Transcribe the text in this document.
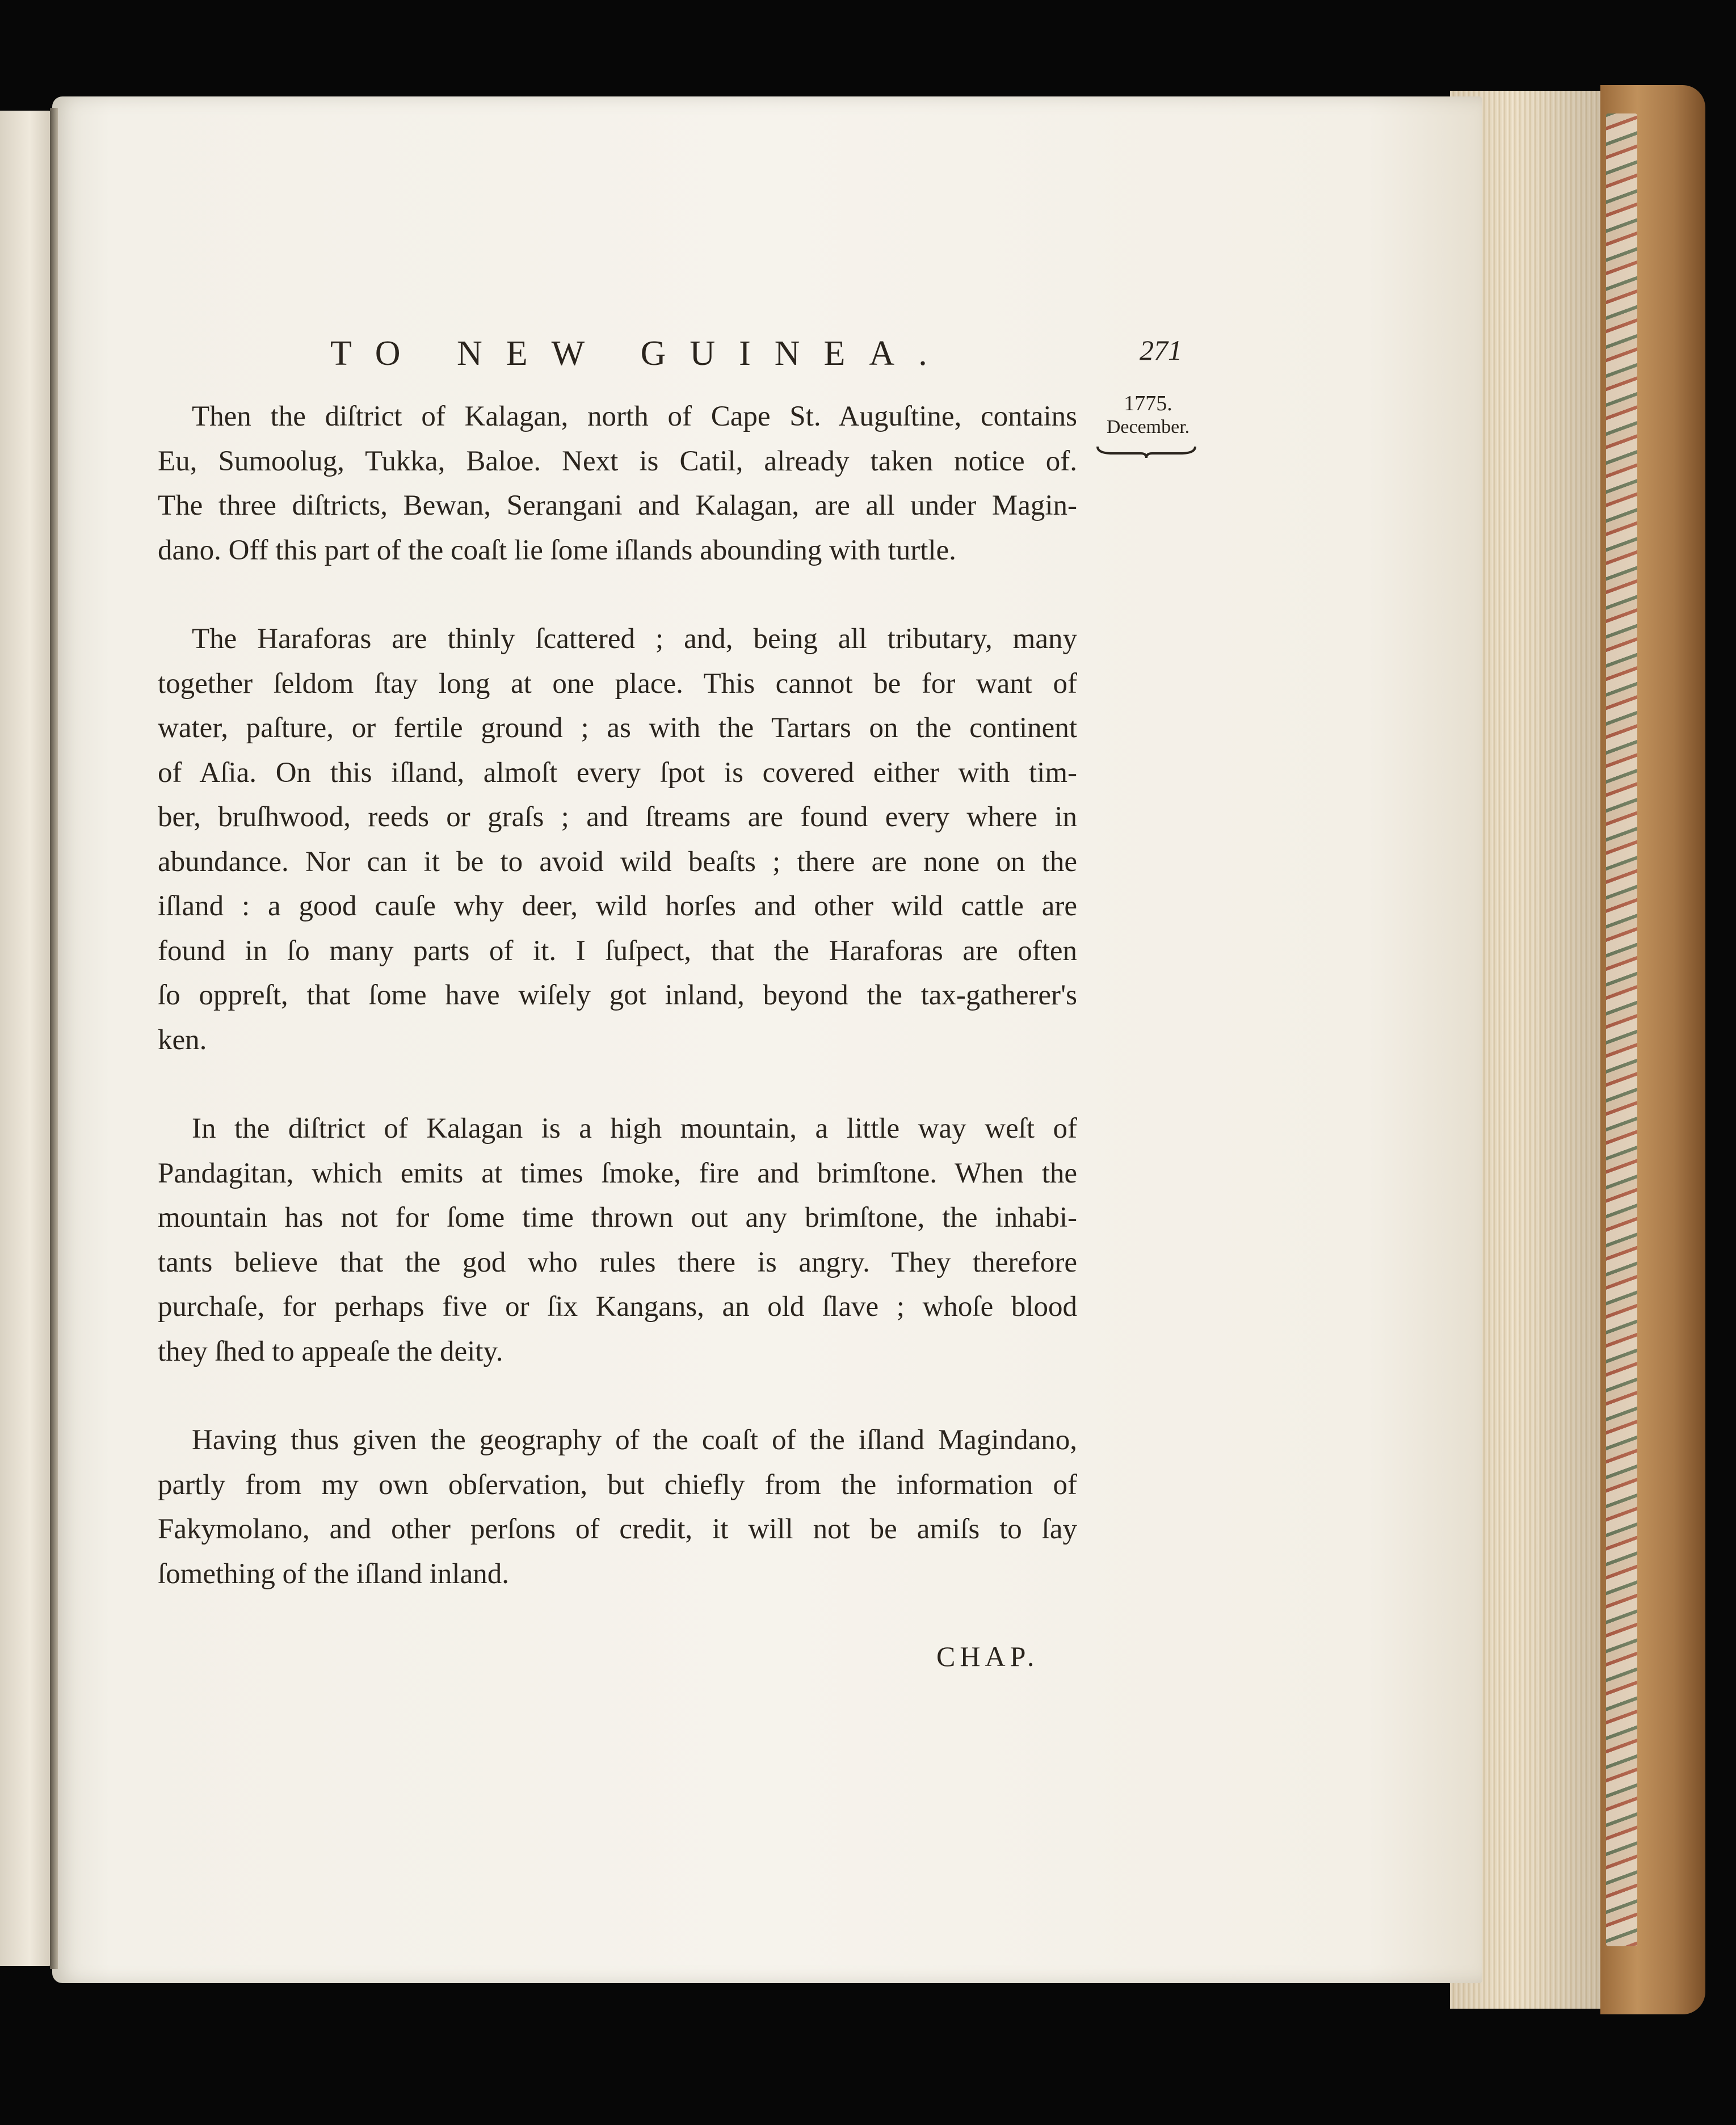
TO NEW GUINEA.	271
1775.
December.
Then the diſtrict of Kalagan, north of Cape St. Auguſtine, contains
Eu, Sumoolug, Tukka, Baloe. Next is Catil, already taken notice of.
The three diſtricts, Bewan, Serangani and Kalagan, are all under Magin-
dano. Off this part of the coaſt lie ſome iſlands abounding with turtle.
The Haraforas are thinly ſcattered ; and, being all tributary, many
together ſeldom ſtay long at one place. This cannot be for want of
water, paſture, or fertile ground ; as with the Tartars on the continent
of Aſia. On this iſland, almoſt every ſpot is covered either with tim-
ber, bruſhwood, reeds or graſs ; and ſtreams are found every where in
abundance. Nor can it be to avoid wild beaſts ; there are none on the
iſland : a good cauſe why deer, wild horſes and other wild cattle are
found in ſo many parts of it. I ſuſpect, that the Haraforas are often
ſo oppreſt, that ſome have wiſely got inland, beyond the tax-gatherer's
ken.
In the diſtrict of Kalagan is a high mountain, a little way weſt of
Pandagitan, which emits at times ſmoke, fire and brimſtone. When the
mountain has not for ſome time thrown out any brimſtone, the inhabi-
tants believe that the god who rules there is angry. They therefore
purchaſe, for perhaps five or ſix Kangans, an old ſlave ; whoſe blood
they ſhed to appeaſe the deity.
Having thus given the geography of the coaſt of the iſland Magindano,
partly from my own obſervation, but chiefly from the information of
Fakymolano, and other perſons of credit, it will not be amiſs to ſay
ſomething of the iſland inland.
CHAP.
